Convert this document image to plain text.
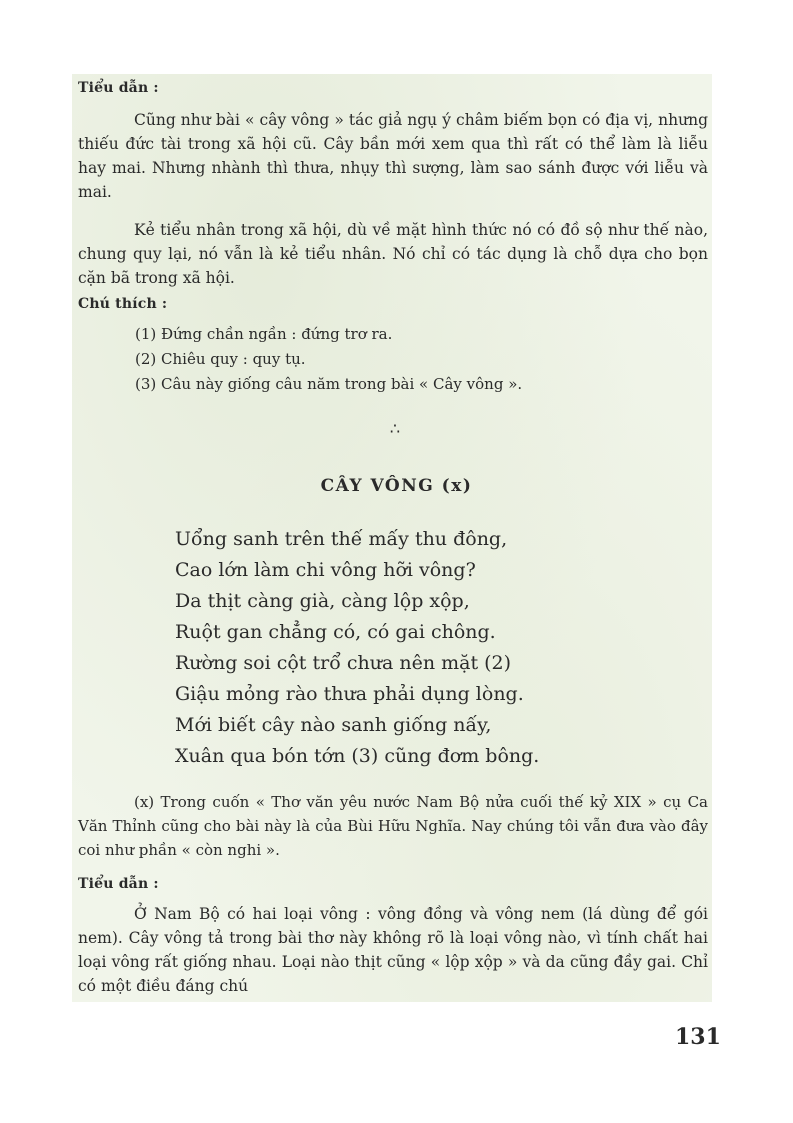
Tiểu dẫn :

Cũng như bài « cây vông » tác giả ngụ ý châm biếm bọn có địa vị, nhưng thiếu đức tài trong xã hội cũ. Cây bần mới xem qua thì rất có thể làm là liễu hay mai. Nhưng nhành thì thưa, nhụy thì sượng, làm sao sánh được với liễu và mai.

Kẻ tiểu nhân trong xã hội, dù về mặt hình thức nó có đồ sộ như thế nào, chung quy lại, nó vẫn là kẻ tiểu nhân. Nó chỉ có tác dụng là chỗ dựa cho bọn cặn bã trong xã hội.

Chú thích :
(1) Đứng chần ngần : đứng trơ ra.
(2) Chiêu quy : quy tụ.
(3) Câu này giống câu năm trong bài « Cây vông ».
∴
CÂY VÔNG (x)
Uổng sanh trên thế mấy thu đông,
Cao lớn làm chi vông hỡi vông?
Da thịt càng già, càng lộp xộp,
Ruột gan chẳng có, có gai chông.
Rường soi cột trổ chưa nên mặt (2)
Giậu mỏng rào thưa phải dụng lòng.
Mới biết cây nào sanh giống nấy,
Xuân qua bón tớn (3) cũng đơm bông.

(x) Trong cuốn « Thơ văn yêu nước Nam Bộ nửa cuối thế kỷ XIX » cụ Ca Văn Thỉnh cũng cho bài này là của Bùi Hữu Nghĩa. Nay chúng tôi vẫn đưa vào đây coi như phần « còn nghi ».

Tiểu dẫn :

Ở Nam Bộ có hai loại vông : vông đồng và vông nem (lá dùng để gói nem). Cây vông tả trong bài thơ này không rõ là loại vông nào, vì tính chất hai loại vông rất giống nhau. Loại nào thịt cũng « lộp xộp » và da cũng đầy gai. Chỉ có một điều đáng chú

131
